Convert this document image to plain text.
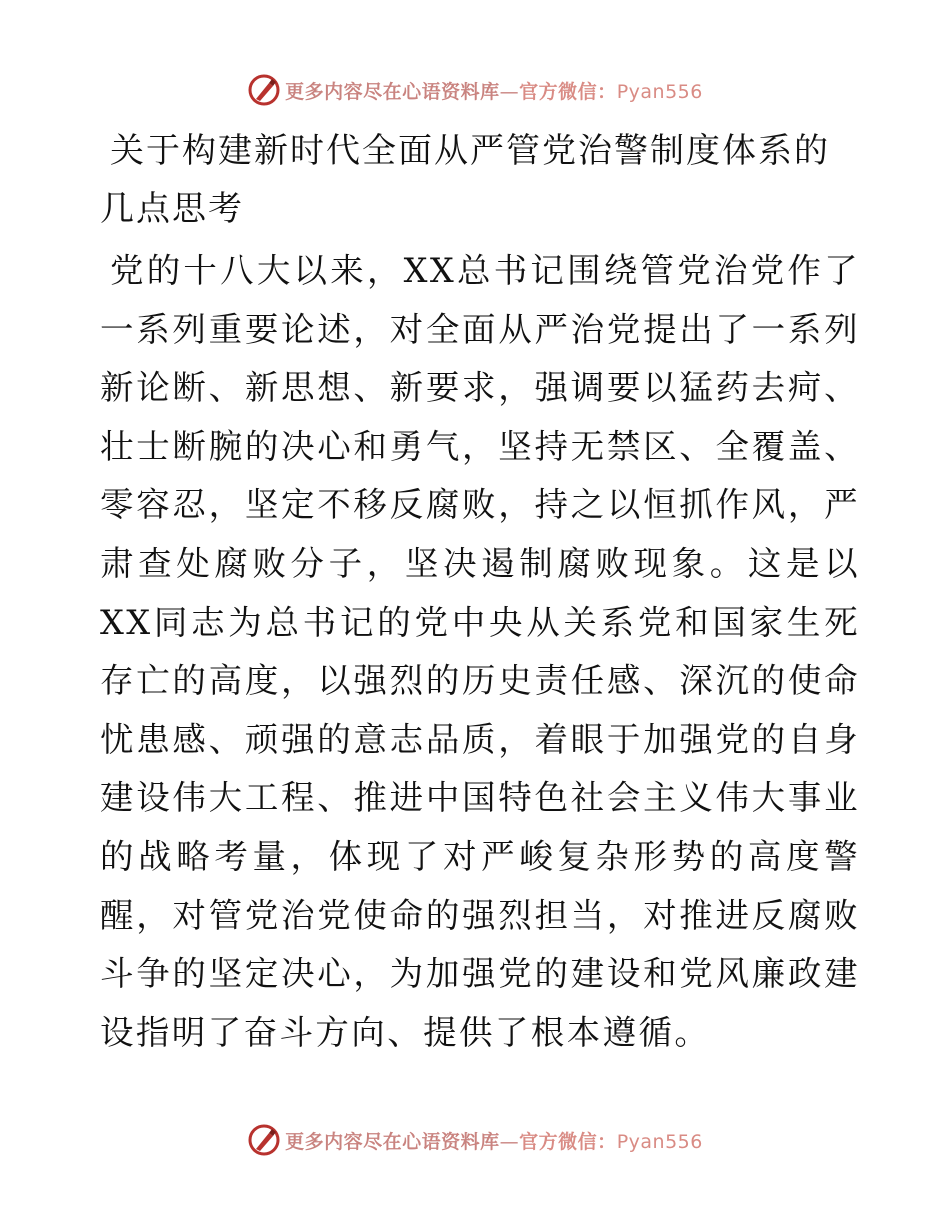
更多内容尽在心语资料库—官方微信：Pyan556
关于构建新时代全面从严管党治警制度体系的几点思考

党的十八大以来，XX总书记围绕管党治党作了一系列重要论述，对全面从严治党提出了一系列新论断、新思想、新要求，强调要以猛药去疴、壮士断腕的决心和勇气，坚持无禁区、全覆盖、零容忍，坚定不移反腐败，持之以恒抓作风，严肃查处腐败分子，坚决遏制腐败现象。这是以XX同志为总书记的党中央从关系党和国家生死存亡的高度，以强烈的历史责任感、深沉的使命忧患感、顽强的意志品质，着眼于加强党的自身建设伟大工程、推进中国特色社会主义伟大事业的战略考量，体现了对严峻复杂形势的高度警醒，对管党治党使命的强烈担当，对推进反腐败斗争的坚定决心，为加强党的建设和党风廉政建设指明了奋斗方向、提供了根本遵循。

更多内容尽在心语资料库—官方微信：Pyan556
